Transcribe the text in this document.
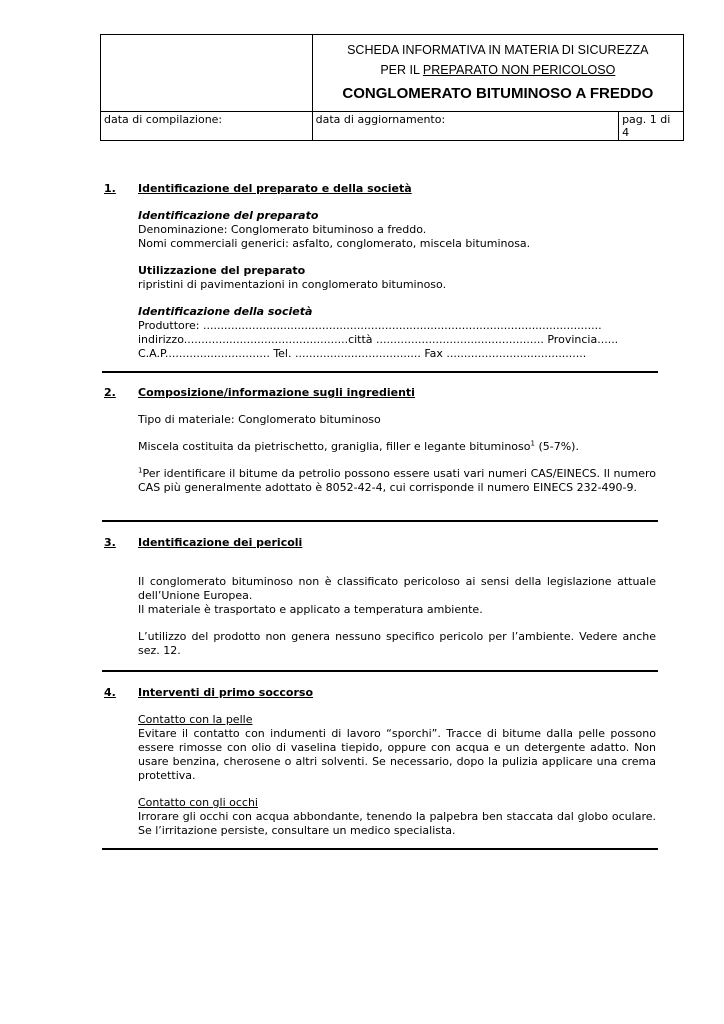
	SCHEDA INFORMATIVA IN MATERIA DI SICUREZZA
PER IL PREPARATO NON PERICOLOSO
CONGLOMERATO BITUMINOSO A FREDDO	

data di compilazione:	data di aggiornamento:	pag. 1 di 4
1. Identificazione del preparato e della società

Identificazione del preparato

Denominazione: Conglomerato bituminoso a freddo.

Nomi commerciali generici: asfalto, conglomerato, miscela bituminosa.

Utilizzazione del preparato

ripristini di pavimentazioni in conglomerato bituminoso.

Identificazione della società

Produttore: ..................................................................................................................

indirizzo...............................................città ................................................ Provincia......

C.A.P.............................. Tel. .................................... Fax ........................................

2. Composizione/informazione sugli ingredienti

Tipo di materiale: Conglomerato bituminoso

Miscela costituita da pietrischetto, graniglia, filler e legante bituminoso$^1$ (5-7%).

$^1$Per identificare il bitume da petrolio possono essere usati vari numeri CAS/EINECS. Il numero CAS più generalmente adottato è 8052-42-4, cui corrisponde il numero EINECS 232-490-9.

3. Identificazione dei pericoli

Il conglomerato bituminoso non è classificato pericoloso ai sensi della legislazione attuale dell’Unione Europea.

Il materiale è trasportato e applicato a temperatura ambiente.

L’utilizzo del prodotto non genera nessuno specifico pericolo per l’ambiente. Vedere anche sez. 12.

4. Interventi di primo soccorso

Contatto con la pelle

Evitare il contatto con indumenti di lavoro “sporchi”. Tracce di bitume dalla pelle possono essere rimosse con olio di vaselina tiepido, oppure con acqua e un detergente adatto. Non usare benzina, cherosene o altri solventi. Se necessario, dopo la pulizia applicare una crema protettiva.

Contatto con gli occhi

Irrorare gli occhi con acqua abbondante, tenendo la palpebra ben staccata dal globo oculare. Se l’irritazione persiste, consultare un medico specialista.
